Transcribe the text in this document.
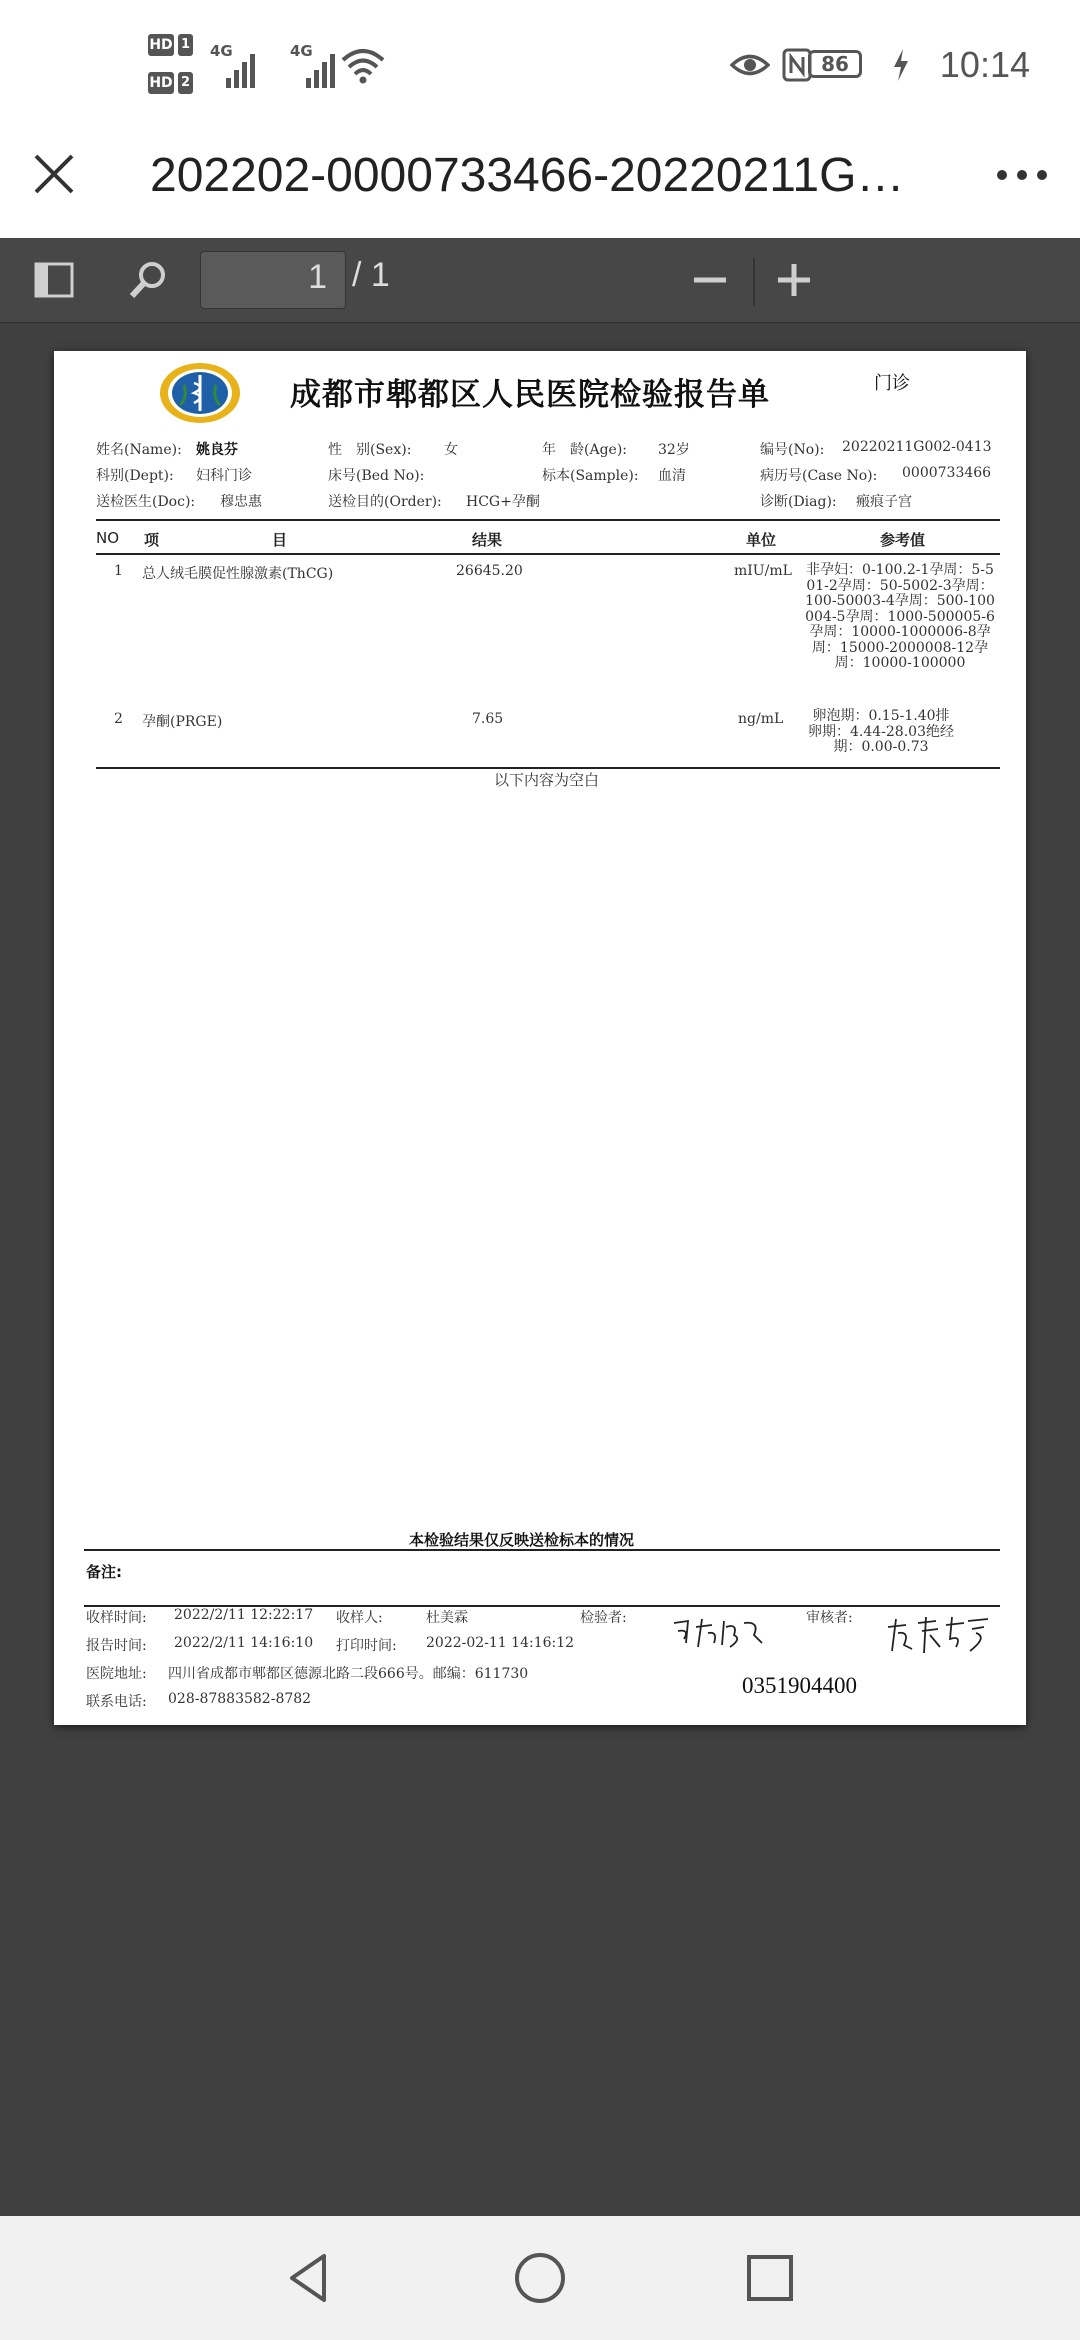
HD 1
HD 2
4G	4G
86	10:14
202202-0000733466-20220211G…
1 / 1
成都市郫都区人民医院检验报告单	门诊
姓名(Name): 姚良芬	性　别(Sex): 女	年　龄(Age): 32岁	编号(No): 20220211G002-0413
科别(Dept): 妇科门诊	床号(Bed No):	标本(Sample): 血清	病历号(Case No): 0000733466
送检医生(Doc): 穆忠惠	送检目的(Order): HCG+孕酮	诊断(Diag): 瘢痕子宫
NO 项	目	结果	单位	参考值
1 总人绒毛膜促性腺激素(ThCG)	26645.20	mIU/mL 非孕妇：0-100.2-1孕周：5-501-2孕周：50-5002-3孕周：100-50003-4孕周：500-100004-5孕周：1000-500005-6孕周：10000-1000006-8孕周：15000-2000008-12孕周：10000-100000
2 孕酮(PRGE)	7.65	ng/mL	卵泡期：0.15-1.40排卵期：4.44-28.03绝经期：0.00-0.73
以下内容为空白
本检验结果仅反映送检标本的情况
备注:
收样时间: 2022/2/11 12:22:17 收样人:	杜美霖	检验者:	审核者:
报告时间: 2022/2/11 14:16:10 打印时间: 2022-02-11 14:16:12
医院地址: 四川省成都市郫都区德源北路二段666号。邮编：611730
联系电话: 028-87883582-8782
0351904400
